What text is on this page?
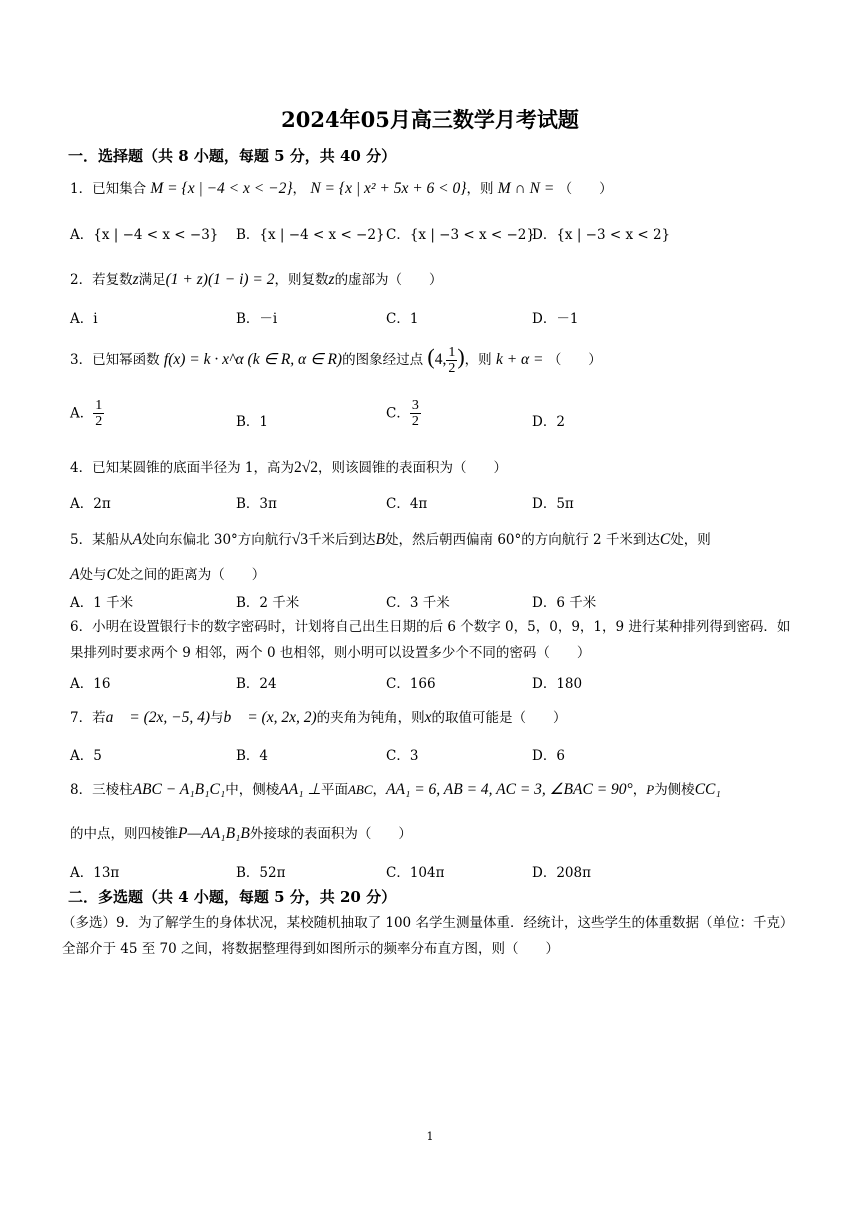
2024年05月高三数学月考试题
一．选择题（共 8 小题，每题 5 分，共 40 分）
1．已知集合 M = {x | −4 < x < −2}， N = {x | x² + 5x + 6 < 0}，则 M ∩ N = （　　）
A．{x | −4 < x < −3} B．{x | −4 < x < −2} C．{x | −3 < x < −2}
D．{x | −3 < x < 2}
2．若复数z满足(1 + z)(1 − i) = 2，则复数z的虚部为（　　）
A．i	B．－i	C．1	D．－1
3．已知幂函数 f(x) = k · x^α (k ∈ R, α ∈ R)的图象经过点 (4, $\frac{1}{2}$ )，则 k + α = （　　）
A． $\frac{1}{2}$	B．1
C． $\frac{3}{2}$	D．2
4．已知某圆锥的底面半径为 1，高为2√2，则该圆锥的表面积为（　　）
A．2π	B．3π	C．4π	D．5π
5．某船从A处向东偏北 30°方向航行√3千米后到达B处，然后朝西偏南 60°的方向航行 2 千米到达C处，则
A处与C处之间的距离为（　　）
A．1 千米	B．2 千米	C．3 千米	D．6 千米
6．小明在设置银行卡的数字密码时，计划将自己出生日期的后 6 个数字 0，5，0，9，1，9 进行某种排列得到密码．如果排列时要求两个 9 相邻，两个 0 也相邻，则小明可以设置多少个不同的密码（　　）
A．16	B．24	C．166	D．180
7．若a⃗ = (2x, −5, 4)与b⃗ = (x, 2x, 2)的夹角为钝角，则x的取值可能是（　　）
A．5	B．4	C．3	D．6
8．三棱柱ABC − A₁B₁C₁中，侧棱AA₁ ⊥平面ABC，AA₁ = 6, AB = 4, AC = 3, ∠BAC = 90°，P为侧棱CC₁
的中点，则四棱锥P—AA₁B₁B外接球的表面积为（　　）
A．13π	B．52π	C．104π	D．208π
二．多选题（共 4 小题，每题 5 分，共 20 分）
（多选）9．为了解学生的身体状况，某校随机抽取了 100 名学生测量体重．经统计，这些学生的体重数据（单位：千克）全部介于 45 至 70 之间，将数据整理得到如图所示的频率分布直方图，则（　　）
1
